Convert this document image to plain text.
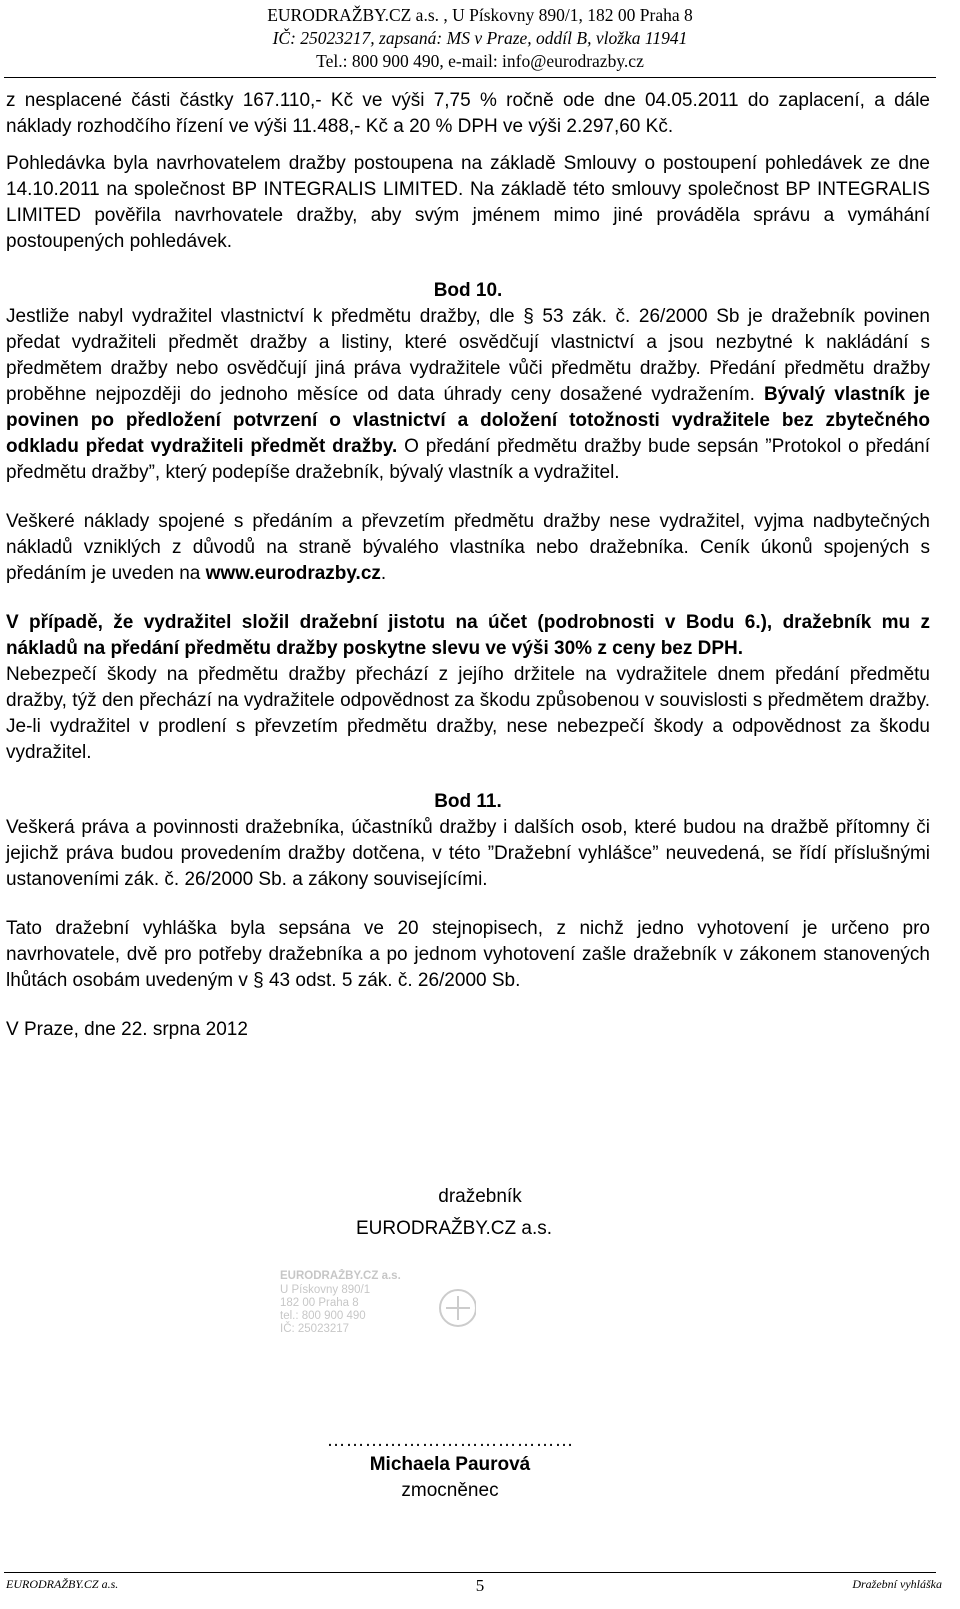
EURODRAŽBY.CZ a.s. , U Pískovny 890/1, 182 00 Praha 8
IČ: 25023217, zapsaná: MS v Praze, oddíl B, vložka 11941
Tel.: 800 900 490, e-mail: info@eurodrazby.cz

z nesplacené části částky 167.110,- Kč ve výši 7,75 % ročně ode dne 04.05.2011 do zaplacení, a dále náklady rozhodčího řízení ve výši 11.488,- Kč a 20 % DPH ve výši 2.297,60 Kč.

Pohledávka byla navrhovatelem dražby postoupena na základě Smlouvy o postoupení pohledávek ze dne 14.10.2011 na společnost BP INTEGRALIS LIMITED. Na základě této smlouvy společnost BP INTEGRALIS LIMITED pověřila navrhovatele dražby, aby svým jménem mimo jiné prováděla správu a vymáhání postoupených pohledávek.

Bod 10.

Jestliže nabyl vydražitel vlastnictví k předmětu dražby, dle § 53 zák. č. 26/2000 Sb je dražebník povinen předat vydražiteli předmět dražby a listiny, které osvědčují vlastnictví a jsou nezbytné k nakládání s předmětem dražby nebo osvědčují jiná práva vydražitele vůči předmětu dražby. Předání předmětu dražby proběhne nejpozději do jednoho měsíce od data úhrady ceny dosažené vydražením. Bývalý vlastník je povinen po předložení potvrzení o vlastnictví a doložení totožnosti vydražitele bez zbytečného odkladu předat vydražiteli předmět dražby. O předání předmětu dražby bude sepsán ”Protokol o předání předmětu dražby”, který podepíše dražebník, bývalý vlastník a vydražitel.

Veškeré náklady spojené s předáním a převzetím předmětu dražby nese vydražitel, vyjma nadbytečných nákladů vzniklých z důvodů na straně bývalého vlastníka nebo dražebníka. Ceník úkonů spojených s předáním je uveden na www.eurodrazby.cz.

V případě, že vydražitel složil dražební jistotu na účet (podrobnosti v Bodu 6.), dražebník mu z nákladů na předání předmětu dražby poskytne slevu ve výši 30% z ceny bez DPH.

Nebezpečí škody na předmětu dražby přechází z jejího držitele na vydražitele dnem předání předmětu dražby, týž den přechází na vydražitele odpovědnost za škodu způsobenou v souvislosti s předmětem dražby. Je-li vydražitel v prodlení s převzetím předmětu dražby, nese nebezpečí škody a odpovědnost za škodu vydražitel.

Bod 11.

Veškerá práva a povinnosti dražebníka, účastníků dražby i dalších osob, které budou na dražbě přítomny či jejichž práva budou provedením dražby dotčena, v této ”Dražební vyhlášce” neuvedená, se řídí příslušnými ustanoveními zák. č. 26/2000 Sb. a zákony souvisejícími.

Tato dražební vyhláška byla sepsána ve 20 stejnopisech, z nichž jedno vyhotovení je určeno pro navrhovatele, dvě pro potřeby dražebníka a po jednom vyhotovení zašle dražebník v zákonem stanovených lhůtách osobám uvedeným v § 43 odst. 5 zák. č. 26/2000 Sb.

V Praze, dne 22. srpna 2012

dražebník
EURODRAŽBY.CZ a.s.
EURODRAŽBY.CZ a.s.
U Pískovny 890/1
182 00 Praha 8
tel.: 800 900 490
IČ: 25023217
…………………………………
Michaela Paurová
zmocněnec
EURODRAŽBY.CZ a.s.	5	Dražební vyhláška
